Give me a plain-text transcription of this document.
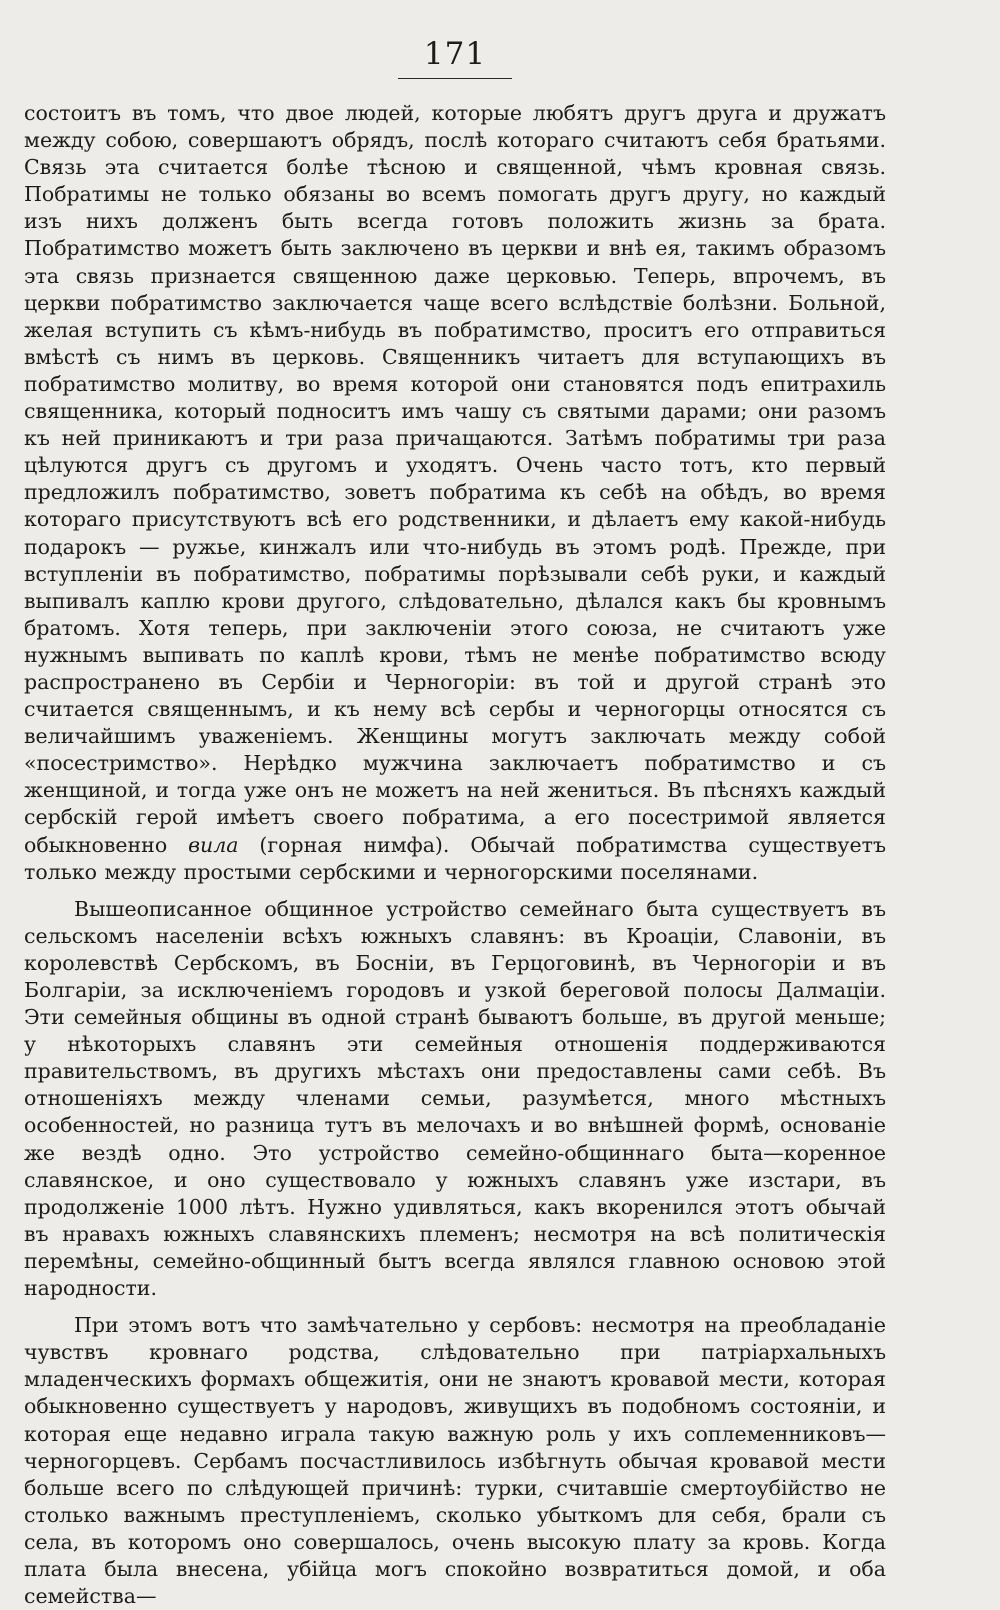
171

состоитъ въ томъ, что двое людей, которые любятъ другъ друга и дружатъ между собою, совершаютъ обрядъ, послѣ котораго считаютъ себя братьями. Связь эта считается болѣе тѣсною и священной, чѣмъ кровная связь. Побратимы не только обязаны во всемъ помогать другъ другу, но каждый изъ нихъ долженъ быть всегда готовъ положить жизнь за брата. Побратимство можетъ быть заключено въ церкви и внѣ ея, такимъ образомъ эта связь признается священною даже церковью. Теперь, впрочемъ, въ церкви побратимство заключается чаще всего вслѣдствіе болѣзни. Больной, желая вступить съ кѣмъ-нибудь въ побратимство, проситъ его отправиться вмѣстѣ съ нимъ въ церковь. Священникъ читаетъ для вступающихъ въ побратимство молитву, во время которой они становятся подъ епитрахиль священника, который подноситъ имъ чашу съ святыми дарами; они разомъ къ ней приникаютъ и три раза причащаются. Затѣмъ побратимы три раза цѣлуются другъ съ другомъ и уходятъ. Очень часто тотъ, кто первый предложилъ побратимство, зоветъ побратима къ себѣ на обѣдъ, во время котораго присутствуютъ всѣ его родственники, и дѣлаетъ ему какой-нибудь подарокъ — ружье, кинжалъ или что-нибудь въ этомъ родѣ. Прежде, при вступленіи въ побратимство, побратимы порѣзывали себѣ руки, и каждый выпивалъ каплю крови другого, слѣдовательно, дѣлался какъ бы кровнымъ братомъ. Хотя теперь, при заключеніи этого союза, не считаютъ уже нужнымъ выпивать по каплѣ крови, тѣмъ не менѣе побратимство всюду распространено въ Сербіи и Черногоріи: въ той и другой странѣ это считается священнымъ, и къ нему всѣ сербы и черногорцы относятся съ величайшимъ уваженіемъ. Женщины могутъ заключать между собой «посестримство». Нерѣдко мужчина заключаетъ побратимство и съ женщиной, и тогда уже онъ не можетъ на ней жениться. Въ пѣсняхъ каждый сербскій герой имѣетъ своего побратима, а его посестримой является обыкновенно вила (горная нимфа). Обычай побратимства существуетъ только между простыми сербскими и черногорскими поселянами.

Вышеописанное общинное устройство семейнаго быта существуетъ въ сельскомъ населеніи всѣхъ южныхъ славянъ: въ Кроаціи, Славоніи, въ королевствѣ Сербскомъ, въ Босніи, въ Герцоговинѣ, въ Черногоріи и въ Болгаріи, за исключеніемъ городовъ и узкой береговой полосы Далмаціи. Эти семейныя общины въ одной странѣ бываютъ больше, въ другой меньше; у нѣкоторыхъ славянъ эти семейныя отношенія поддерживаются правительствомъ, въ другихъ мѣстахъ они предоставлены сами себѣ. Въ отношеніяхъ между членами семьи, разумѣется, много мѣстныхъ особенностей, но разница тутъ въ мелочахъ и во внѣшней формѣ, основаніе же вездѣ одно. Это устройство семейно-общиннаго быта—коренное славянское, и оно существовало у южныхъ славянъ уже изстари, въ продолженіе 1000 лѣтъ. Нужно удивляться, какъ вкоренился этотъ обычай въ нравахъ южныхъ славянскихъ племенъ; несмотря на всѣ политическія перемѣны, семейно-общинный бытъ всегда являлся главною основою этой народности.

При этомъ вотъ что замѣчательно у сербовъ: несмотря на преобладаніе чувствъ кровнаго родства, слѣдовательно при патріархальныхъ младенческихъ формахъ общежитія, они не знаютъ кровавой мести, которая обыкновенно существуетъ у народовъ, живущихъ въ подобномъ состояніи, и которая еще недавно играла такую важную роль у ихъ соплеменниковъ—черногорцевъ. Сербамъ посчастливилось избѣгнуть обычая кровавой мести больше всего по слѣдующей причинѣ: турки, считавшіе смертоубійство не столько важнымъ преступленіемъ, сколько убыткомъ для себя, брали съ села, въ которомъ оно совершалось, очень высокую плату за кровь. Когда плата была внесена, убійца могъ спокойно возвратиться домой, и оба семейства—
